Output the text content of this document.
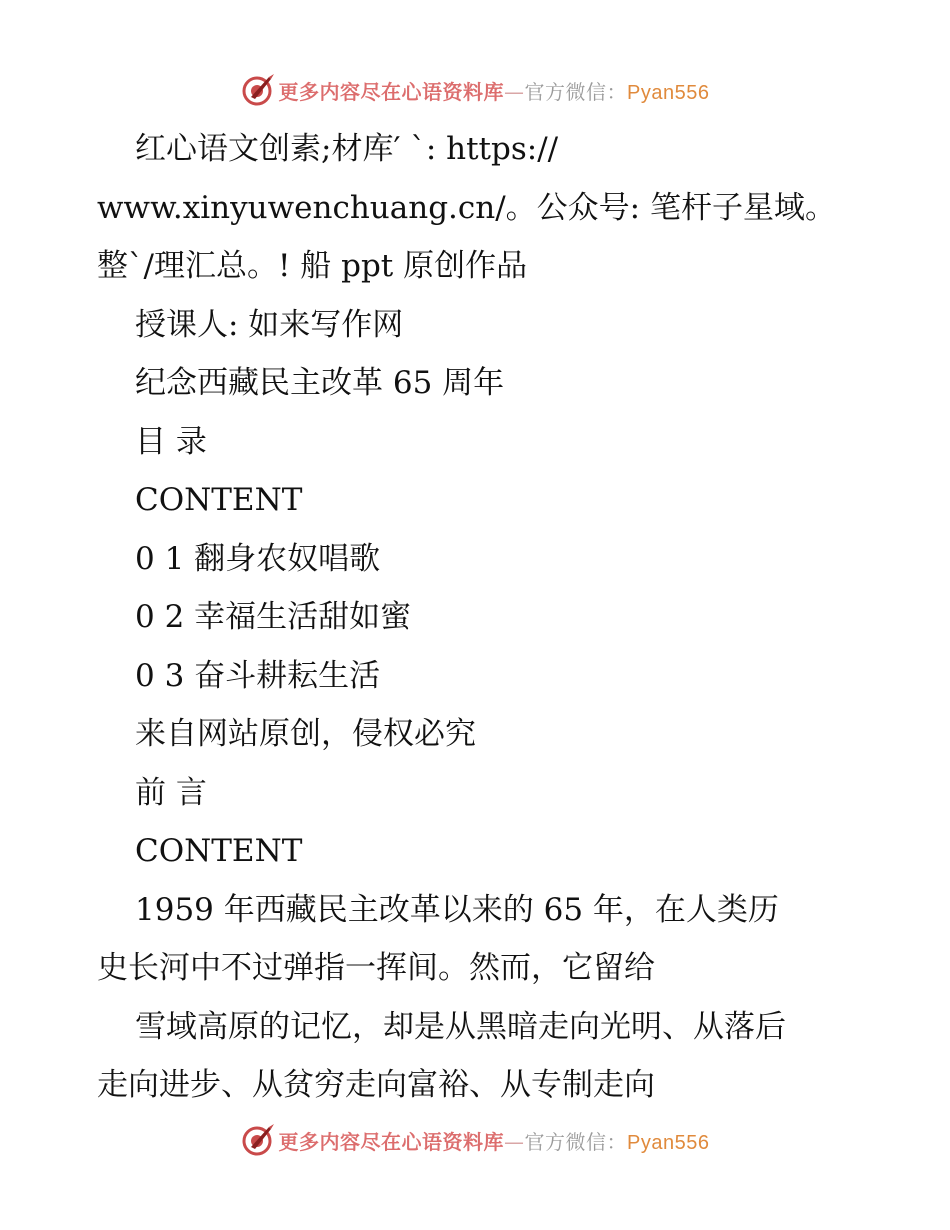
更多内容尽在心语资料库—官方微信：Pyan556
红心语文创素;材库′ `: https://
www.xinyuwenchuang.cn/。公众号: 笔杆子星域。
整`/理汇总。! 船 ppt 原创作品
授课人: 如来写作网
纪念西藏民主改革 65 周年
目 录
CONTENT
0 1 翻身农奴唱歌
0 2 幸福生活甜如蜜
0 3 奋斗耕耘生活
来自网站原创，侵权必究
前 言
CONTENT
1959 年西藏民主改革以来的 65 年，在人类历
史长河中不过弹指一挥间。然而，它留给
雪域高原的记忆，却是从黑暗走向光明、从落后
走向进步、从贫穷走向富裕、从专制走向
更多内容尽在心语资料库—官方微信：Pyan556
